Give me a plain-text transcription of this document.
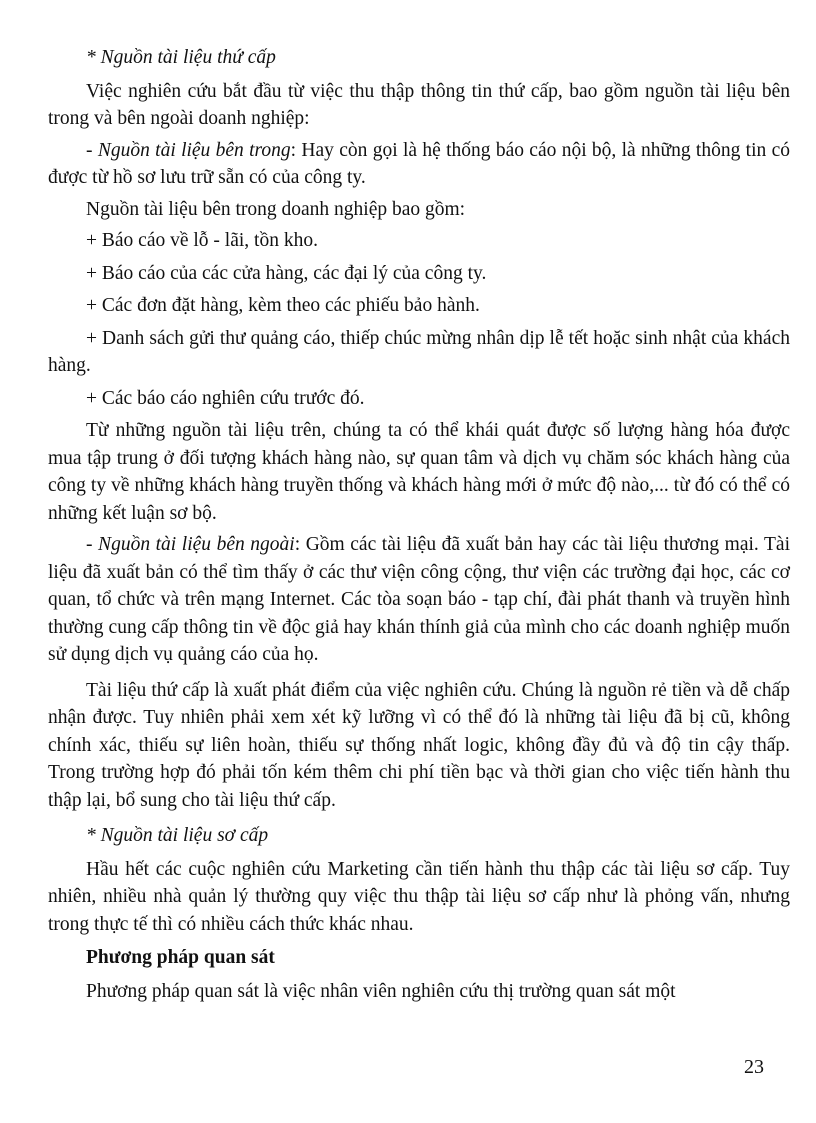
* Nguồn tài liệu thứ cấp

Việc nghiên cứu bắt đầu từ việc thu thập thông tin thứ cấp, bao gồm nguồn tài liệu bên trong và bên ngoài doanh nghiệp:

- Nguồn tài liệu bên trong: Hay còn gọi là hệ thống báo cáo nội bộ, là những thông tin có được từ hồ sơ lưu trữ sẵn có của công ty.

Nguồn tài liệu bên trong doanh nghiệp bao gồm:

+ Báo cáo về lỗ - lãi, tồn kho.

+ Báo cáo của các cửa hàng, các đại lý của công ty.

+ Các đơn đặt hàng, kèm theo các phiếu bảo hành.

+ Danh sách gửi thư quảng cáo, thiếp chúc mừng nhân dịp lễ tết hoặc sinh nhật của khách hàng.

+ Các báo cáo nghiên cứu trước đó.

Từ những nguồn tài liệu trên, chúng ta có thể khái quát được số lượng hàng hóa được mua tập trung ở đối tượng khách hàng nào, sự quan tâm và dịch vụ chăm sóc khách hàng của công ty về những khách hàng truyền thống và khách hàng mới ở mức độ nào,... từ đó có thể có những kết luận sơ bộ.

- Nguồn tài liệu bên ngoài: Gồm các tài liệu đã xuất bản hay các tài liệu thương mại. Tài liệu đã xuất bản có thể tìm thấy ở các thư viện công cộng, thư viện các trường đại học, các cơ quan, tổ chức và trên mạng Internet. Các tòa soạn báo - tạp chí, đài phát thanh và truyền hình thường cung cấp thông tin về độc giả hay khán thính giả của mình cho các doanh nghiệp muốn sử dụng dịch vụ quảng cáo của họ.

Tài liệu thứ cấp là xuất phát điểm của việc nghiên cứu. Chúng là nguồn rẻ tiền và dễ chấp nhận được. Tuy nhiên phải xem xét kỹ lưỡng vì có thể đó là những tài liệu đã bị cũ, không chính xác, thiếu sự liên hoàn, thiếu sự thống nhất logic, không đầy đủ và độ tin cậy thấp. Trong trường hợp đó phải tốn kém thêm chi phí tiền bạc và thời gian cho việc tiến hành thu thập lại, bổ sung cho tài liệu thứ cấp.

* Nguồn tài liệu sơ cấp

Hầu hết các cuộc nghiên cứu Marketing cần tiến hành thu thập các tài liệu sơ cấp. Tuy nhiên, nhiều nhà quản lý thường quy việc thu thập tài liệu sơ cấp như là phỏng vấn, nhưng trong thực tế thì có nhiều cách thức khác nhau.

Phương pháp quan sát

Phương pháp quan sát là việc nhân viên nghiên cứu thị trường quan sát một

23
